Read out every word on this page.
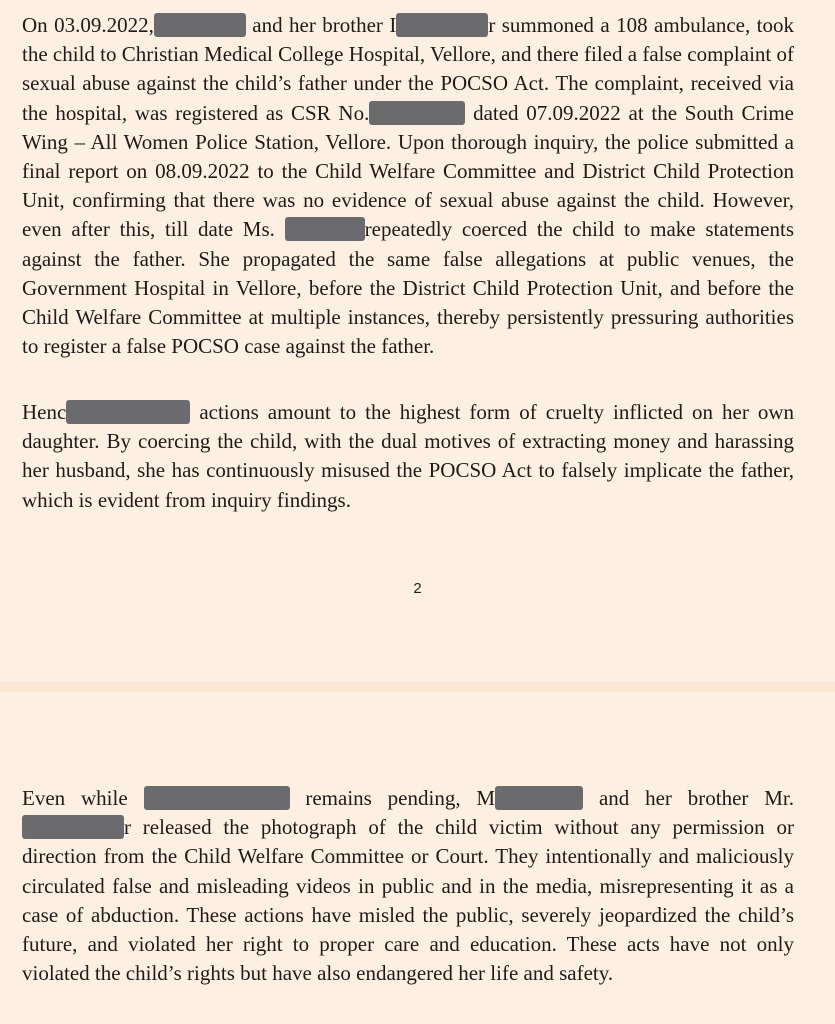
On 03.09.2022,	and her brother I	r summoned a 108 ambulance, took the child to Christian Medical College Hospital, Vellore, and there filed a false complaint of sexual abuse against the child’s father under the POCSO Act. The complaint, received via the hospital, was registered as CSR No.	dated 07.09.2022 at the South Crime Wing – All Women Police Station, Vellore. Upon thorough inquiry, the police submitted a final report on 08.09.2022 to the Child Welfare Committee and District Child Protection Unit, confirming that there was no evidence of sexual abuse against the child. However, even after this, till date Ms.	repeatedly coerced the child to make statements against the father. She propagated the same false allegations at public venues, the Government Hospital in Vellore, before the District Child Protection Unit, and before the Child Welfare Committee at multiple instances, thereby persistently pressuring authorities to register a false POCSO case against the father.

Henc	actions amount to the highest form of cruelty inflicted on her own daughter. By coercing the child, with the dual motives of extracting money and harassing her husband, she has continuously misused the POCSO Act to falsely implicate the father, which is evident from inquiry findings.

2

Even while	remains pending, M	and her brother Mr. r released the photograph of the child victim without any permission or direction from the Child Welfare Committee or Court. They intentionally and maliciously circulated false and misleading videos in public and in the media, misrepresenting it as a case of abduction. These actions have misled the public, severely jeopardized the child’s future, and violated her right to proper care and education. These acts have not only violated the child’s rights but have also endangered her life and safety.
